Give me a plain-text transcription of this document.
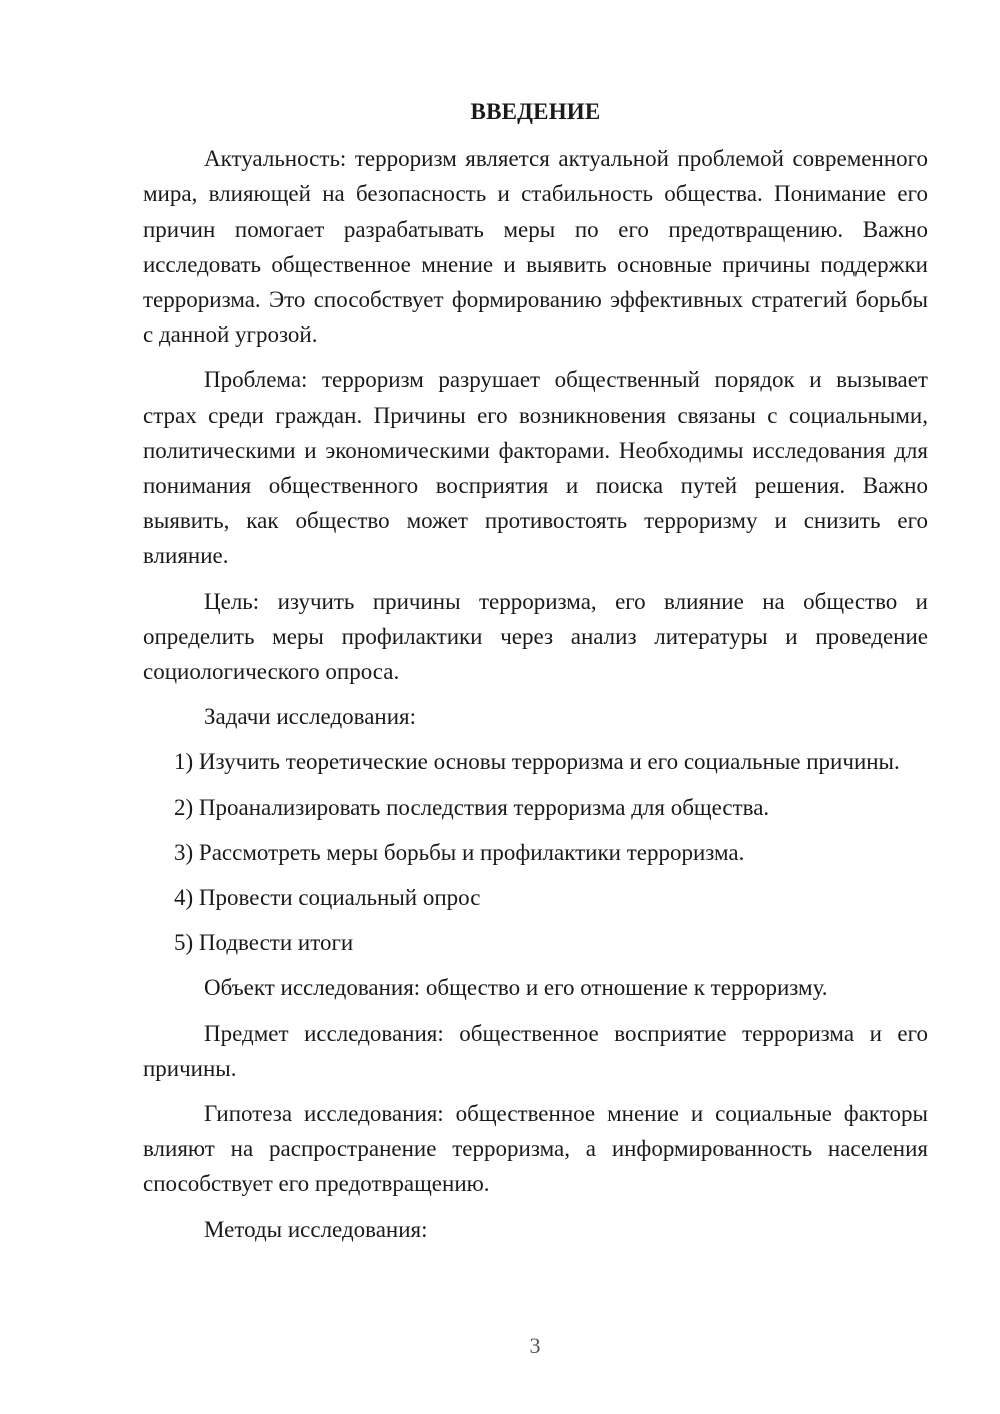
ВВЕДЕНИЕ

Актуальность: терроризм является актуальной проблемой современного мира, влияющей на безопасность и стабильность общества. Понимание его причин помогает разрабатывать меры по его предотвращению. Важно исследовать общественное мнение и выявить основные причины поддержки терроризма. Это способствует формированию эффективных стратегий борьбы с данной угрозой.

Проблема: терроризм разрушает общественный порядок и вызывает страх среди граждан. Причины его возникновения связаны с социальными, политическими и экономическими факторами. Необходимы исследования для понимания общественного восприятия и поиска путей решения. Важно выявить, как общество может противостоять терроризму и снизить его влияние.

Цель: изучить причины терроризма, его влияние на общество и определить меры профилактики через анализ литературы и проведение социологического опроса.

Задачи исследования:

1) Изучить теоретические основы терроризма и его социальные причины.

2) Проанализировать последствия терроризма для общества.

3) Рассмотреть меры борьбы и профилактики терроризма.

4) Провести социальный опрос

5) Подвести итоги

Объект исследования: общество и его отношение к терроризму.

Предмет исследования: общественное восприятие терроризма и его причины.

Гипотеза исследования: общественное мнение и социальные факторы влияют на распространение терроризма, а информированность населения способствует его предотвращению.

Методы исследования:

3
